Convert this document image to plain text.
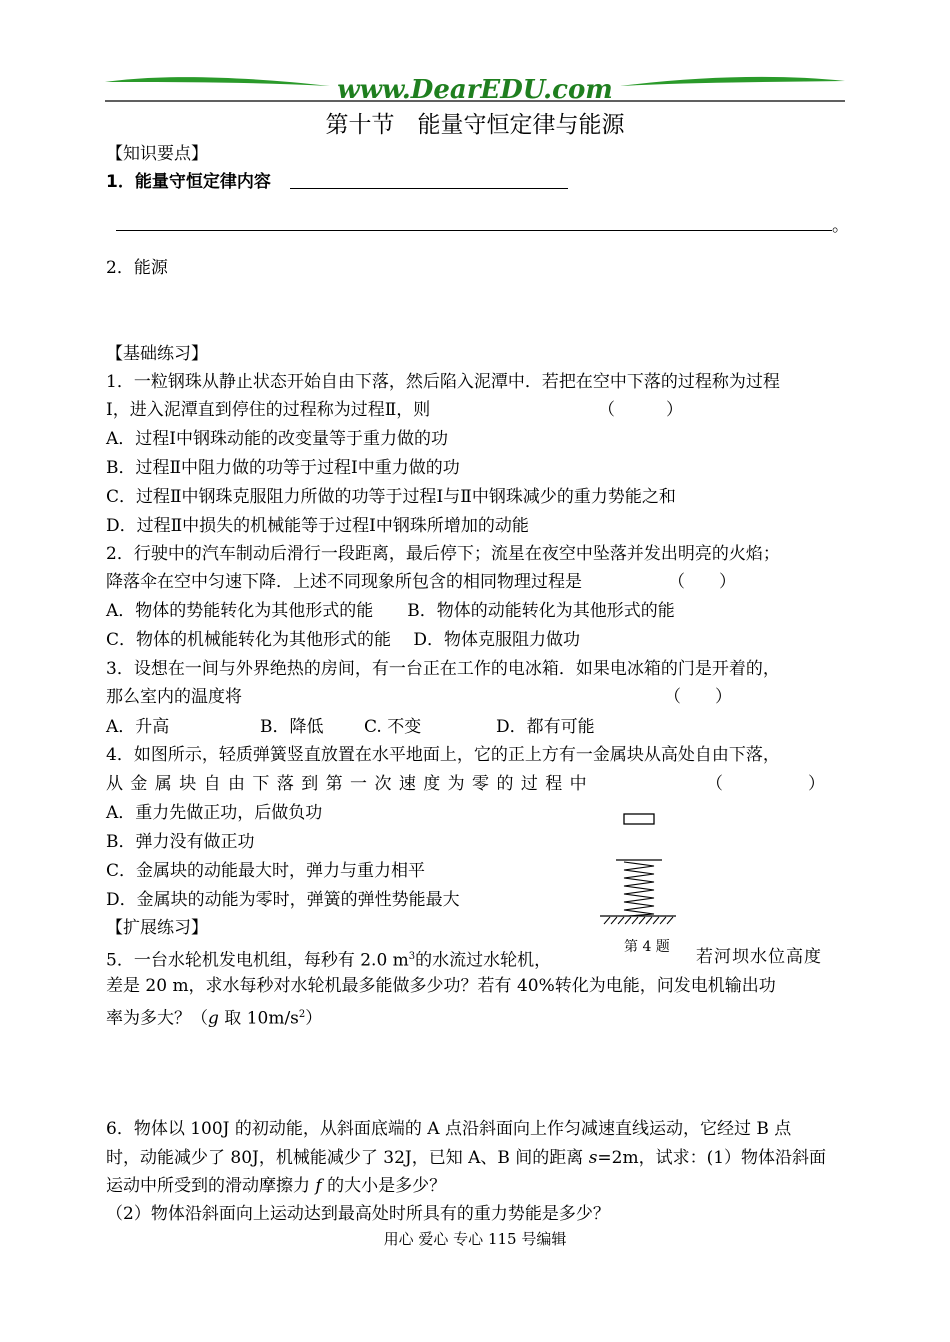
www.DearEDU.com
第十节　能量守恒定律与能源
【知识要点】
1．能量守恒定律内容
。
2．能源
【基础练习】
1．一粒钢珠从静止状态开始自由下落，然后陷入泥潭中．若把在空中下落的过程称为过程
Ⅰ，进入泥潭直到停住的过程称为过程Ⅱ，则	（　　　）
A．过程Ⅰ中钢珠动能的改变量等于重力做的功
B．过程Ⅱ中阻力做的功等于过程Ⅰ中重力做的功
C．过程Ⅱ中钢珠克服阻力所做的功等于过程Ⅰ与Ⅱ中钢珠减少的重力势能之和
D．过程Ⅱ中损失的机械能等于过程Ⅰ中钢珠所增加的动能
2．行驶中的汽车制动后滑行一段距离，最后停下；流星在夜空中坠落并发出明亮的火焰；
降落伞在空中匀速下降．上述不同现象所包含的相同物理过程是	（　　）
A．物体的势能转化为其他形式的能　　B．物体的动能转化为其他形式的能
C．物体的机械能转化为其他形式的能　 D．物体克服阻力做功
3．设想在一间与外界绝热的房间，有一台正在工作的电冰箱．如果电冰箱的门是开着的，
那么室内的温度将	（　　）
A．升高	B．降低 C. 不变	D．都有可能
4．如图所示，轻质弹簧竖直放置在水平地面上，它的正上方有一金属块从高处自由下落，
从 金 属 块 自 由 下 落 到 第 一 次 速 度 为 零 的 过 程 中	（　　　　　）
A．重力先做正功，后做负功
B．弹力没有做正功
C．金属块的动能最大时，弹力与重力相平
D．金属块的动能为零时，弹簧的弹性势能最大
第 4 题
【扩展练习】
5．一台水轮机发电机组，每秒有 2.0 $m^3$的水流过水轮机，	若河坝水位高度
差是 20 m，求水每秒对水轮机最多能做多少功？若有 40%转化为电能，问发电机输出功
率为多大？（g 取 $10m/s^2$）
6．物体以 100J 的初动能，从斜面底端的 A 点沿斜面向上作匀减速直线运动，它经过 B 点
时，动能减少了 80J，机械能减少了 32J，已知 A、B 间的距离 s=2m，试求：(1）物体沿斜面
运动中所受到的滑动摩擦力 f 的大小是多少？
（2）物体沿斜面向上运动达到最高处时所具有的重力势能是多少？
用心 爱心 专心 115 号编辑
